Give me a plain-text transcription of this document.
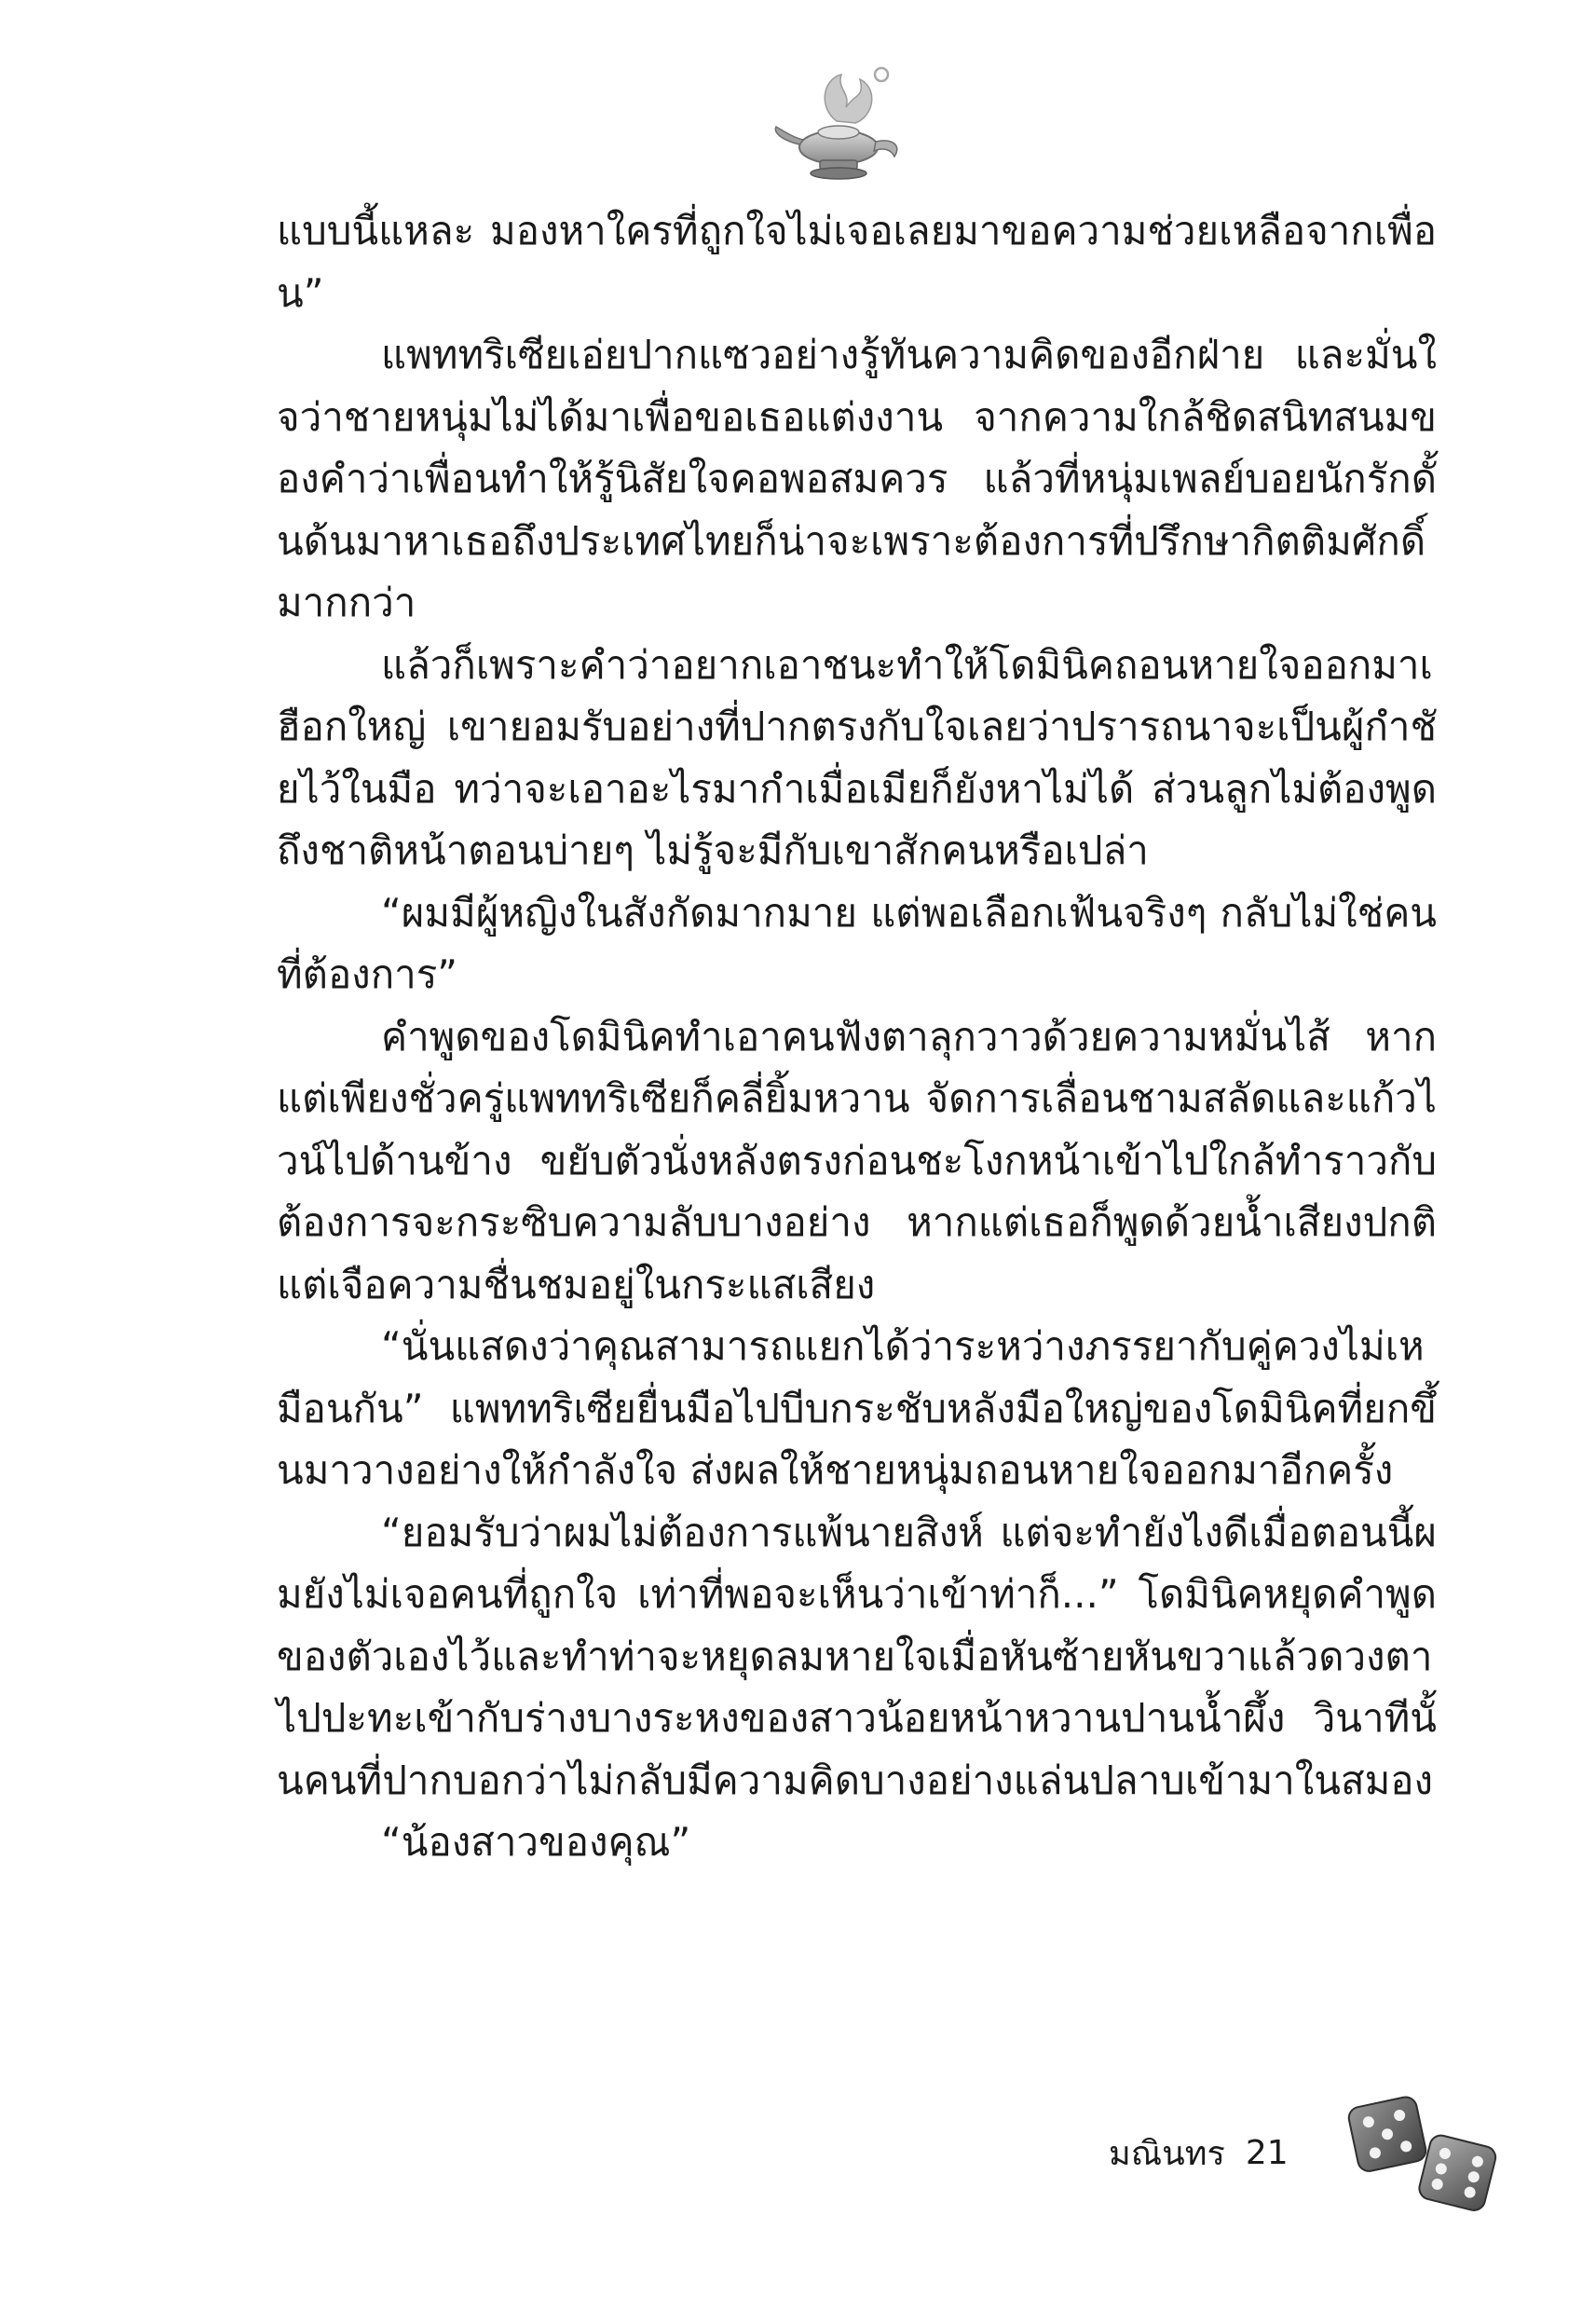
แบบนี้แหละ มองหาใครที่ถูกใจไม่เจอเลยมาขอความช่วยเหลือจากเพื่อน”

แพททริเซียเอ่ยปากแซวอย่างรู้ทันความคิดของอีกฝ่าย และมั่นใจว่าชายหนุ่มไม่ได้มาเพื่อขอเธอแต่งงาน จากความใกล้ชิดสนิทสนมของคำว่าเพื่อนทำให้รู้นิสัยใจคอพอสมควร แล้วที่หนุ่มเพลย์บอยนักรักดั้นด้นมาหาเธอถึงประเทศไทยก็น่าจะเพราะต้องการที่ปรึกษากิตติมศักดิ์มากกว่า

แล้วก็เพราะคำว่าอยากเอาชนะทำให้โดมินิคถอนหายใจออกมาเฮือกใหญ่ เขายอมรับอย่างที่ปากตรงกับใจเลยว่าปรารถนาจะเป็นผู้กำชัยไว้ในมือ ทว่าจะเอาอะไรมากำเมื่อเมียก็ยังหาไม่ได้ ส่วนลูกไม่ต้องพูดถึงชาติหน้าตอนบ่ายๆ ไม่รู้จะมีกับเขาสักคนหรือเปล่า

“ผมมีผู้หญิงในสังกัดมากมาย แต่พอเลือกเฟ้นจริงๆ กลับไม่ใช่คนที่ต้องการ”

คำพูดของโดมินิคทำเอาคนฟังตาลุกวาวด้วยความหมั่นไส้ หากแต่เพียงชั่วครู่แพททริเซียก็คลี่ยิ้มหวาน จัดการเลื่อนชามสลัดและแก้วไวน์ไปด้านข้าง ขยับตัวนั่งหลังตรงก่อนชะโงกหน้าเข้าไปใกล้ทำราวกับต้องการจะกระซิบความลับบางอย่าง หากแต่เธอก็พูดด้วยน้ำเสียงปกติแต่เจือความชื่นชมอยู่ในกระแสเสียง

“นั่นแสดงว่าคุณสามารถแยกได้ว่าระหว่างภรรยากับคู่ควงไม่เหมือนกัน” แพททริเซียยื่นมือไปบีบกระชับหลังมือใหญ่ของโดมินิคที่ยกขึ้นมาวางอย่างให้กำลังใจ ส่งผลให้ชายหนุ่มถอนหายใจออกมาอีกครั้ง

“ยอมรับว่าผมไม่ต้องการแพ้นายสิงห์ แต่จะทำยังไงดีเมื่อตอนนี้ผมยังไม่เจอคนที่ถูกใจ เท่าที่พอจะเห็นว่าเข้าท่าก็...” โดมินิคหยุดคำพูดของตัวเองไว้และทำท่าจะหยุดลมหายใจเมื่อหันซ้ายหันขวาแล้วดวงตาไปปะทะเข้ากับร่างบางระหงของสาวน้อยหน้าหวานปานน้ำผึ้ง วินาทีนั้นคนที่ปากบอกว่าไม่กลับมีความคิดบางอย่างแล่นปลาบเข้ามาในสมอง

“น้องสาวของคุณ”

มณินทร 21
